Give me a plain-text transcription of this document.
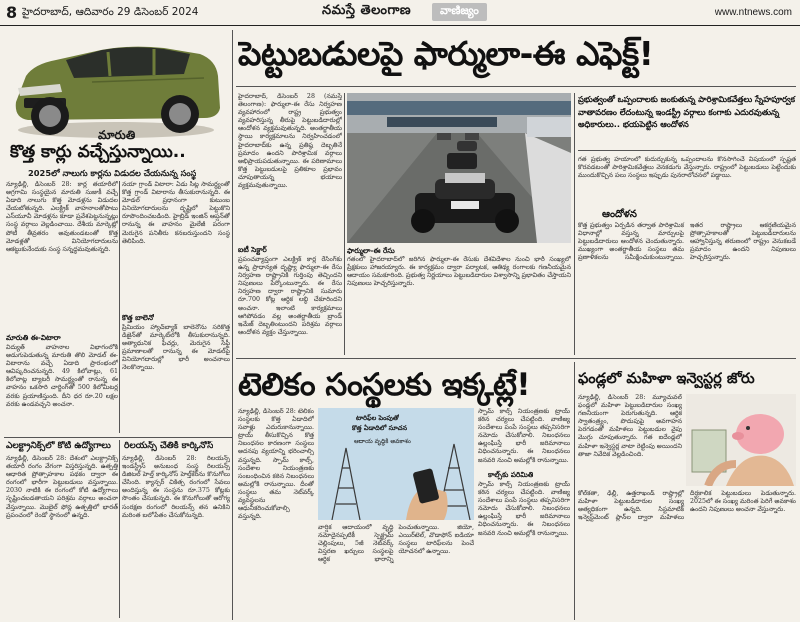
8 హైదరాబాద్‌, ఆదివారం 29 డిసెంబర్‌ 2024	నమస్తే తెలంగాణ	వాణిజ్యం	www.ntnews.com
మారుతి
కొత్త కార్లు వచ్చేస్తున్నాయి..
2025లో నాలుగు కార్లను విడుదల చేయనున్న సంస్థ
న్యూఢిల్లీ, డిసెంబర్‌ 28: కార్ల తయారీలో అగ్రగామి సంస్థయైన మారుతి సుజుకీ వచ్చే ఏడాది నాలుగు కొత్త మోడళ్లను విడుదల చేయబోతున్నది. ఎలక్ట్రిక్‌ వాహనాలతోపాటు ఎస్‌యూవీ మోడళ్లను కూడా ప్రవేశపెట్టనున్నట్లు సంస్థ వర్గాలు వెల్లడించాయి. దేశీయ మార్కెట్లో పోటీ తీవ్రతరం అవుతుండటంతో కొత్త మోడళ్లతో వినియోగదారులను ఆకట్టుకునేందుకు సంస్థ సన్నద్ధమవుతున్నది.
మారుతి ఈ-విటారా
విద్యుత్‌ వాహనాల విభాగంలోకి అడుగుపెడుతున్న మారుతి తొలి మోడల్‌ ఈ-విటారాను వచ్చే ఏడాది ప్రారంభంలో ఆవిష్కరించనున్నది. 49 కిలోవాట్లు, 61 కిలోవాట్ల బ్యాటరీ సామర్థ్యంతో రానున్న ఈ వాహనం ఒకసారి చార్జింగ్‌తో 500 కిలోమీటర్ల వరకు ప్రయాణిస్తుంది. దీని ధర రూ.20 లక్షల వరకు ఉండవచ్చని అంచనా.
నయా గ్రాండ్‌ విటారా: ఏడు సీట్ల సామర్థ్యంతో కొత్త గ్రాండ్‌ విటారాను తీసుకురానున్నది. ఈ మోడల్‌ ప్రధానంగా కుటుంబ వినియోగదారులను దృష్టిలో పెట్టుకొని రూపొందించబడింది. హైబ్రిడ్‌ ఇంజిన్‌ ఆప్షన్‌తో రానున్న ఈ వాహనం మైలేజీ పరంగా మెరుగైన పనితీరు కనబరుస్తుందని సంస్థ తెలిపింది.
కొత్త బాలెనో
ప్రీమియం హ్యాచ్‌బ్యాక్‌ బాలెనోను సరికొత్త డిజైన్‌తో మార్కెట్‌లోకి తీసుకురానున్నది. అత్యాధునిక ఫీచర్లు, మెరుగైన సేఫ్టీ ప్రమాణాలతో రానున్న ఈ మోడల్‌పై వినియోగదారుల్లో భారీ అంచనాలు నెలకొన్నాయి.
పెట్టుబడులపై ఫార్ములా-ఈ ఎఫెక్ట్‌!
హైదరాబాద్‌, డిసెంబర్‌ 28 (నమస్తే తెలంగాణ): ఫార్ములా-ఈ రేసు నిర్వహణ వ్యవహారంలో రాష్ట్ర ప్రభుత్వం వ్యవహరిస్తున్న తీరుపై పెట్టుబడిదారుల్లో ఆందోళన వ్యక్తమవుతున్నది. అంతర్జాతీయ స్థాయి కార్యక్రమాలను నిర్వహించడంలో హైదరాబాద్‌కు ఉన్న ప్రతిష్ఠ దెబ్బతినే ప్రమాదం ఉందని పారిశ్రామిక వర్గాలు అభిప్రాయపడుతున్నాయి. ఈ పరిణామాలు కొత్త పెట్టుబడులపై ప్రతికూల ప్రభావం చూపుతాయన్న భయాలు వ్యక్తమవుతున్నాయి.
ఐటీ సెక్టార్‌
ప్రపంచవ్యాప్తంగా ఎలక్ట్రిక్‌ కార్ల రేసింగ్‌కు ఉన్న ప్రాధాన్యత దృష్ట్యా ఫార్ములా-ఈ రేసు నిర్వహణ రాష్ట్రానికి గుర్తింపు తెచ్చిందని నిపుణులు పేర్కొంటున్నారు. ఈ రేసు నిర్వహణ ద్వారా రాష్ట్రానికి సుమారు రూ.700 కోట్ల ఆర్థిక లబ్ధి చేకూరిందని అంచనా. ఇలాంటి కార్యక్రమాలు ఆగిపోవడం వల్ల అంతర్జాతీయ బ్రాండ్‌ ఇమేజ్‌ దెబ్బతింటుందని పరిశ్రమ వర్గాలు ఆందోళన వ్యక్తం చేస్తున్నాయి.
ఫార్ములా-ఈ రేసు
గతంలో హైదరాబాద్‌లో జరిగిన ఫార్ములా-ఈ రేసుకు దేశవిదేశాల నుంచి భారీ సంఖ్యలో ప్రేక్షకులు హాజరయ్యారు. ఈ కార్యక్రమం ద్వారా పర్యాటక, ఆతిథ్య రంగాలకు గణనీయమైన ఆదాయం సమకూరింది. ప్రభుత్వ నిర్ణయాలు పెట్టుబడిదారుల విశ్వాసాన్ని ప్రభావితం చేస్తాయని నిపుణులు హెచ్చరిస్తున్నారు.
ప్రభుత్వంతో ఒప్పందాలకు జంకుతున్న పారిశ్రామికవేత్తలు స్నేహపూర్వక వాతావరణం లేదంటున్న ఇండస్ట్రీ వర్గాలు కంగాకు ఎదురవుతున్న అధికారులు.. భయపెట్టిన ఆందోళన
గత ప్రభుత్వ హయాంలో కుదుర్చుకున్న ఒప్పందాలను కొనసాగించే విషయంలో స్పష్టత కొరవడటంతో పారిశ్రామికవేత్తలు వెనకడుగు వేస్తున్నారు. రాష్ట్రంలో పెట్టుబడులు పెట్టేందుకు ముందుకొచ్చిన పలు సంస్థలు ఇప్పుడు పునరాలోచనలో పడ్డాయి.
ఆందోళన
కొత్త ప్రభుత్వం ఏర్పడిన తర్వాత పారిశ్రామిక విధానాల్లో వస్తున్న మార్పులపై పెట్టుబడిదారులు ఆందోళన చెందుతున్నారు. ముఖ్యంగా అంతర్జాతీయ సంస్థలు తమ ప్రణాళికలను సమీక్షించుకుంటున్నాయి. ఇతర రాష్ట్రాలు ఆకర్షణీయమైన ప్రోత్సాహకాలతో పెట్టుబడిదారులను ఆహ్వానిస్తున్న తరుణంలో రాష్ట్రం వెనుకబడే ప్రమాదం ఉందని నిపుణులు హెచ్చరిస్తున్నారు.
టెలికం సంస్థలకు ఇక్కట్లే!
న్యూఢిల్లీ, డిసెంబర్‌ 28: టెలికం సంస్థలకు కొత్త ఏడాదిలో సవాళ్లు ఎదురుకానున్నాయి. ట్రాయ్‌ తీసుకొచ్చిన కొత్త నిబంధనల కారణంగా సంస్థలు అదనపు వ్యయాన్ని భరించాల్సి వస్తున్నది. స్పామ్‌ కాల్స్‌, సందేశాల నియంత్రణకు సంబంధించిన కఠిన నిబంధనలు అమల్లోకి రానున్నాయి. దీంతో సంస్థలు తమ నెట్‌వర్క్‌ వ్యవస్థలను ఆధునీకరించుకోవాల్సి వస్తున్నది.
టారిఫ్‌ల పెంపుతో
కొత్త ఏడాదిలో సూచన
ఆదాయ వృద్ధికి అవకాశం
వార్షిక ఆదాయంలో వృద్ధి నమోదైనప్పటికీ స్పెక్ట్రమ్‌ చెల్లింపులు, 5జీ నెట్‌వర్క్‌ విస్తరణ ఖర్చులు సంస్థలపై ఆర్థిక భారాన్ని పెంచుతున్నాయి. జియో, ఎయిర్‌టెల్‌, వొడాఫోన్‌ ఐడియా సంస్థలు టారిఫ్‌లను పెంచే యోచనలో ఉన్నాయి.
స్పామ్‌ కాల్స్‌ నియంత్రణకు ట్రాయ్‌ కఠిన చర్యలు చేపట్టింది. వాణిజ్య సందేశాలు పంపే సంస్థలు తప్పనిసరిగా నమోదు చేసుకోవాలి. నిబంధనలు ఉల్లంఘిస్తే భారీ జరిమానాలు విధించనున్నారు. ఈ నిబంధనలు జనవరి నుంచి అమల్లోకి రానున్నాయి.
కాల్స్‌కు పరిమితి
స్పామ్‌ కాల్స్‌ నియంత్రణకు ట్రాయ్‌ కఠిన చర్యలు చేపట్టింది. వాణిజ్య సందేశాలు పంపే సంస్థలు తప్పనిసరిగా నమోదు చేసుకోవాలి. నిబంధనలు ఉల్లంఘిస్తే భారీ జరిమానాలు విధించనున్నారు. ఈ నిబంధనలు జనవరి నుంచి అమల్లోకి రానున్నాయి.
ఫండ్లలో మహిళా ఇన్వెస్టర్ల జోరు
న్యూఢిల్లీ, డిసెంబర్‌ 28: మ్యూచువల్‌ ఫండ్లలో మహిళా పెట్టుబడిదారుల సంఖ్య గణనీయంగా పెరుగుతున్నది. ఆర్థిక స్వాతంత్ర్యం, పొదుపుపై అవగాహన పెరగడంతో మహిళలు పెట్టుబడుల వైపు మొగ్గు చూపుతున్నారు. గత ఐదేండ్లలో మహిళా ఇన్వెస్టర్ల వాటా రెట్టింపు అయిందని తాజా నివేదిక వెల్లడించింది.
కోల్‌కతా, ఢిల్లీ, ఉత్తరాఖండ్‌ రాష్ట్రాల్లో మహిళా పెట్టుబడిదారుల సంఖ్య అత్యధికంగా ఉన్నది. సిస్టమాటిక్‌ ఇన్వెస్ట్‌మెంట్‌ ప్లాన్‌ల ద్వారా మహిళలు దీర్ఘకాలిక పెట్టుబడులు పెడుతున్నారు. 2025లో ఈ సంఖ్య మరింత పెరిగే అవకాశం ఉందని నిపుణులు అంచనా వేస్తున్నారు.
ఎలక్ట్రానిక్స్‌లో కోటి ఉద్యోగాలు
న్యూఢిల్లీ, డిసెంబర్‌ 28: దేశంలో ఎలక్ట్రానిక్స్‌ తయారీ రంగం వేగంగా విస్తరిస్తున్నది. ఉత్పత్తి ఆధారిత ప్రోత్సాహకాల పథకం ద్వారా ఈ రంగంలో భారీగా పెట్టుబడులు వస్తున్నాయి. 2030 నాటికి ఈ రంగంలో కోటి ఉద్యోగాలు సృష్టించబడతాయని పరిశ్రమ వర్గాలు అంచనా వేస్తున్నాయి. మొబైల్‌ ఫోన్ల ఉత్పత్తిలో భారత్‌ ప్రపంచంలో రెండో స్థానంలో ఉన్నది.
రిలయన్స్‌ చేతికి కార్కినోస్‌
న్యూఢిల్లీ, డిసెంబర్‌ 28: రిలయన్స్‌ ఇండస్ట్రీస్‌ అనుబంధ సంస్థ రిలయన్స్‌ డిజిటల్‌ హెల్త్‌ కార్కినోస్‌ హెల్త్‌కేర్‌ను కొనుగోలు చేసింది. క్యాన్సర్‌ చికిత్స రంగంలో సేవలు అందిస్తున్న ఈ సంస్థను రూ.375 కోట్లకు సొంతం చేసుకున్నది. ఈ కొనుగోలుతో ఆరోగ్య సంరక్షణ రంగంలో రిలయన్స్‌ తన ఉనికిని మరింత బలోపేతం చేసుకోనున్నది.
